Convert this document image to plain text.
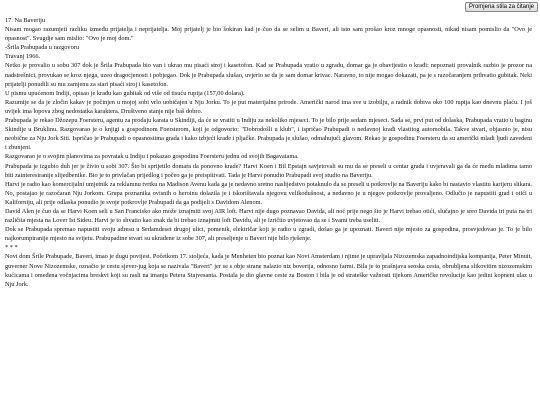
Promjena stila za čitanje

17. Na Baveriju

Nisam mogao razumjeti razliku između prijatelja i neprijatelja. Moj prijatelj je bio šokiran kad je čuo da se selim u Baveri, ali isto sam prošao kroz mnoge opasnosti, nikad nisam pomislio da "Ovo je opasnost". Svugdje sam mislio: "Ovo je moj dom."

-Šrila Prabupada u razgovoru

Travanj 1966.

Netko je provalio u sobu 307 dok je Šrila Prabupada bio van i ukrao mu pisaći stroj i kasetofon. Kad se Prabupada vratio u zgradu, domar ga je obavijestio o krađi: nepoznati provalnik razbio je prozor na nadstrešnici, provukao se kroz njega, uzeo dragocjenosti i pobjegao. Dok je Prabupada slušao, uvjerio se da je sam domar krivac. Naravno, to nije mogao dokazati, pa je s razočaranjem prihvatio gubitak. Neki prijatelji ponudili su mu zamjenu za stari pisaći stroj i kasetofon.

U pismu upućenom Indiji, opisao je krađu kao gubitak od više od tisuću rupija (157,00 dolara).

Razumije se da je zločin kakav je počinjen u mojoj sobi vrlo uobičajen u Nju Jorku. To je put materijalne prirode. Američki narod ima sve u izobilju, a radnik dobiva oko 100 rupija kao dnevnu plaću. I još uvijek ima lopova zbog nedostatka karaktera. Društveno stanje nije baš dobro.

Prabupada je rekao Džozepu Foersteru, agentu za prodaju karata u Skindiji, da će se vratiti u Indiju za nekoliko mjeseci. To je bilo prije sedam mjeseci. Sada se, prvi put od dolaska, Prabupada vratio u baginu Skindije u Bruklinu. Razgovarao je o knjigi s gospodinom Foersterom, koji je odgovorio: "Dobrodošli u klub", i ispričao Prabupadi o nedavnoj krađi vlastitog automobila. Takve stvari, objasnio je, nisu neobične za Nju Jork Siti. Ispričao je Prabupadi o opasnostima grada i kako izbjeći krađe i pljačke. Prabupada je slušao, odmahujući glavom. Rekao je gospodinu Foersteru da su američki mladi ljudi zavedeni i zbunjeni.

Razgovarao je o svojim planovima za povratak u Indiju i pokazao gospodinu Foersteru jednu od svojih Bagavatama.

Prabupada je izgubio duh jer je živio u sobi 307. Što bi sprijetilo domara da ponovno krade? Harvi Koen i Bil Epstajn savjetovali su mu da se preseli u centar grada i uvjeravali ga da će među mladima tamo biti zainteresiranije slijedbenike. Bio je to privlačan prijedlog i počeo ga je preispitivati. Tada je Harvi ponudio Prabupadi svoj studio na Baveriju.

Harvi je radio kao komercijalni umjetnik za reklamnu tvrtku na Madison Avenu kada ga je nedavno sretno naslijedstvo potaknulo da se preseli u potkrovlje na Baveriju kako bi nastavio vlastitu karijeru slikara. No, postajao je razočaran Nju Jorkom. Grupa poznanika ovisnih o heroinu dolazila je i iskorištavala njegovu velikodušnost, a nedavno je u njegov potkrovlje provaljeno. Odlučio je napustiti grad i otići u Kaliforniju, ali prije odlaska ponudio je svoje potkrovlje Prabupadi da ga podijeli s Davidom Alenom.

David Alen je čuo da se Harvi Koen seli u San Francisko ako može iznajmiti svoj AIR loft. Harvi nije dugo poznavao Davida, ali noć prije nego što je Harvi trebao otići, slučajno je sreo Davida tri puta na tri različita mjesta na Lover Ist Sideu. Harvi je to shvatio kao znak da bi trebao iznajmiti loft Davidu, ali je izričito uvjetovao da se i Svami treba useliti.

Dok se Prabupada spremao napustiti svoju adresu u Sedamdeset drugoj ulici, pomenik, električar koji je radio u zgradi, došao ga je upoznati. Baveri nije mjesto za gospodina, prosvjedovao je. To je bilo najkorumpiranije mjesto na svijetu. Prabupadine stvari su ukradene iz sobe 307, ali preseljenje u Baveri nije bilo rješenje.

* * *

Novi dom Šrile Prabupade, Baveri, imao je dugu povijest. Početkom 17. stoljeća, kada je Menheten bio poznat kao Novi Amsterdam i njime je upravljala Nizozemska zapadnoindijska kompanija, Peter Minuit, guverner Nove Nizozemske, označio je cestu sjever-jug koja se nazivala "Baveri" jer se s obje strane nalazio niz boverija, odnosno farmi. Bila je to prašnjava seoska cesta, obrubljena slikovitim nizozemskim kućicama i omeđena vočnjacima breskvi koji su rasli na imanju Petera Stajvesanta. Postala je dio glavne ceste za Boston i bila je od strateške važnosti tijekom Američke revolucije kao jedini kopneni ulaz u Nju Jork.
